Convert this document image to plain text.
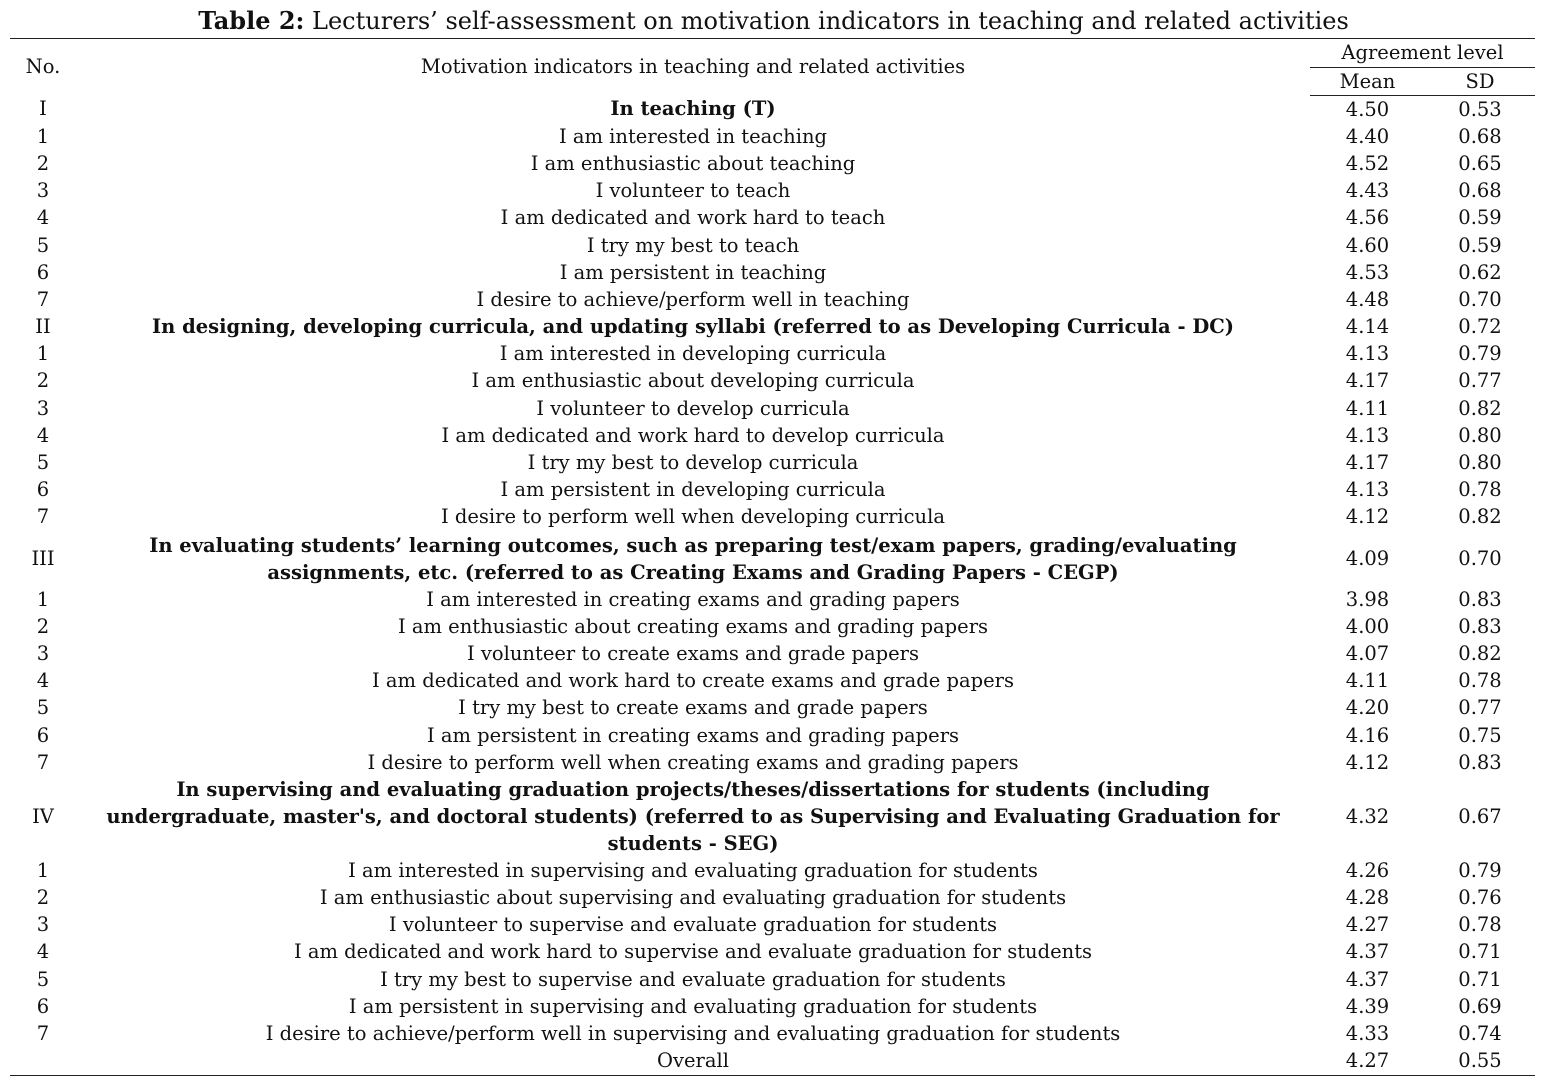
Table 2: Lecturers’ self-assessment on motivation indicators in teaching and related activities
No.	Motivation indicators in teaching and related activities	Agreement level	
		Mean	SD
I	In teaching (T)	4.50	0.53
1	I am interested in teaching	4.40	0.68
2	I am enthusiastic about teaching	4.52	0.65
3	I volunteer to teach	4.43	0.68
4	I am dedicated and work hard to teach	4.56	0.59
5	I try my best to teach	4.60	0.59
6	I am persistent in teaching	4.53	0.62
7	I desire to achieve/perform well in teaching	4.48	0.70
II	In designing, developing curricula, and updating syllabi (referred to as Developing Curricula - DC)	4.14	0.72
1	I am interested in developing curricula	4.13	0.79
2	I am enthusiastic about developing curricula	4.17	0.77
3	I volunteer to develop curricula	4.11	0.82
4	I am dedicated and work hard to develop curricula	4.13	0.80
5	I try my best to develop curricula	4.17	0.80
6	I am persistent in developing curricula	4.13	0.78
7	I desire to perform well when developing curricula	4.12	0.82
III	In evaluating students’ learning outcomes, such as preparing test/exam papers, grading/evaluating assignments, etc. (referred to as Creating Exams and Grading Papers - CEGP)	4.09	0.70
1	I am interested in creating exams and grading papers	3.98	0.83
2	I am enthusiastic about creating exams and grading papers	4.00	0.83
3	I volunteer to create exams and grade papers	4.07	0.82
4	I am dedicated and work hard to create exams and grade papers	4.11	0.78
5	I try my best to create exams and grade papers	4.20	0.77
6	I am persistent in creating exams and grading papers	4.16	0.75
7	I desire to perform well when creating exams and grading papers	4.12	0.83
IV	In supervising and evaluating graduation projects/theses/dissertations for students (including undergraduate, master's, and doctoral students) (referred to as Supervising and Evaluating Graduation for students - SEG)	4.32	0.67
1	I am interested in supervising and evaluating graduation for students	4.26	0.79
2	I am enthusiastic about supervising and evaluating graduation for students	4.28	0.76
3	I volunteer to supervise and evaluate graduation for students	4.27	0.78
4	I am dedicated and work hard to supervise and evaluate graduation for students	4.37	0.71
5	I try my best to supervise and evaluate graduation for students	4.37	0.71
6	I am persistent in supervising and evaluating graduation for students	4.39	0.69
7	I desire to achieve/perform well in supervising and evaluating graduation for students	4.33	0.74
	Overall	4.27	0.55
